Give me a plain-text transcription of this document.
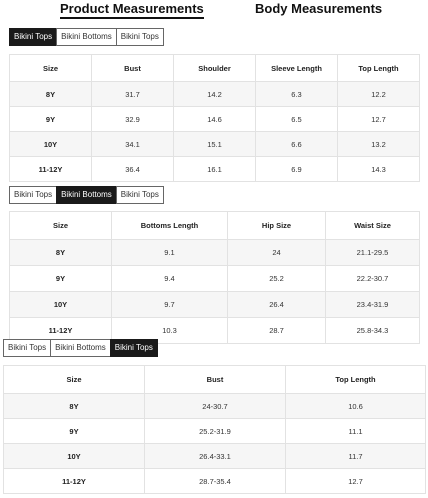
Product Measurements	Body Measurements
Bikini Tops	Bikini Bottoms	Bikini Tops
Size	Bust	Shoulder	Sleeve Length	Top Length
8Y	31.7	14.2	6.3	12.2
9Y	32.9	14.6	6.5	12.7
10Y	34.1	15.1	6.6	13.2
11-12Y	36.4	16.1	6.9	14.3
Bikini Tops	Bikini Bottoms	Bikini Tops
Size	Bottoms Length	Hip Size	Waist Size
8Y	9.1	24	21.1-29.5
9Y	9.4	25.2	22.2-30.7
10Y	9.7	26.4	23.4-31.9
11-12Y	10.3	28.7	25.8-34.3
Bikini Tops	Bikini Bottoms	Bikini Tops
Size	Bust	Top Length
8Y	24-30.7	10.6
9Y	25.2-31.9	11.1
10Y	26.4-33.1	11.7
11-12Y	28.7-35.4	12.7
